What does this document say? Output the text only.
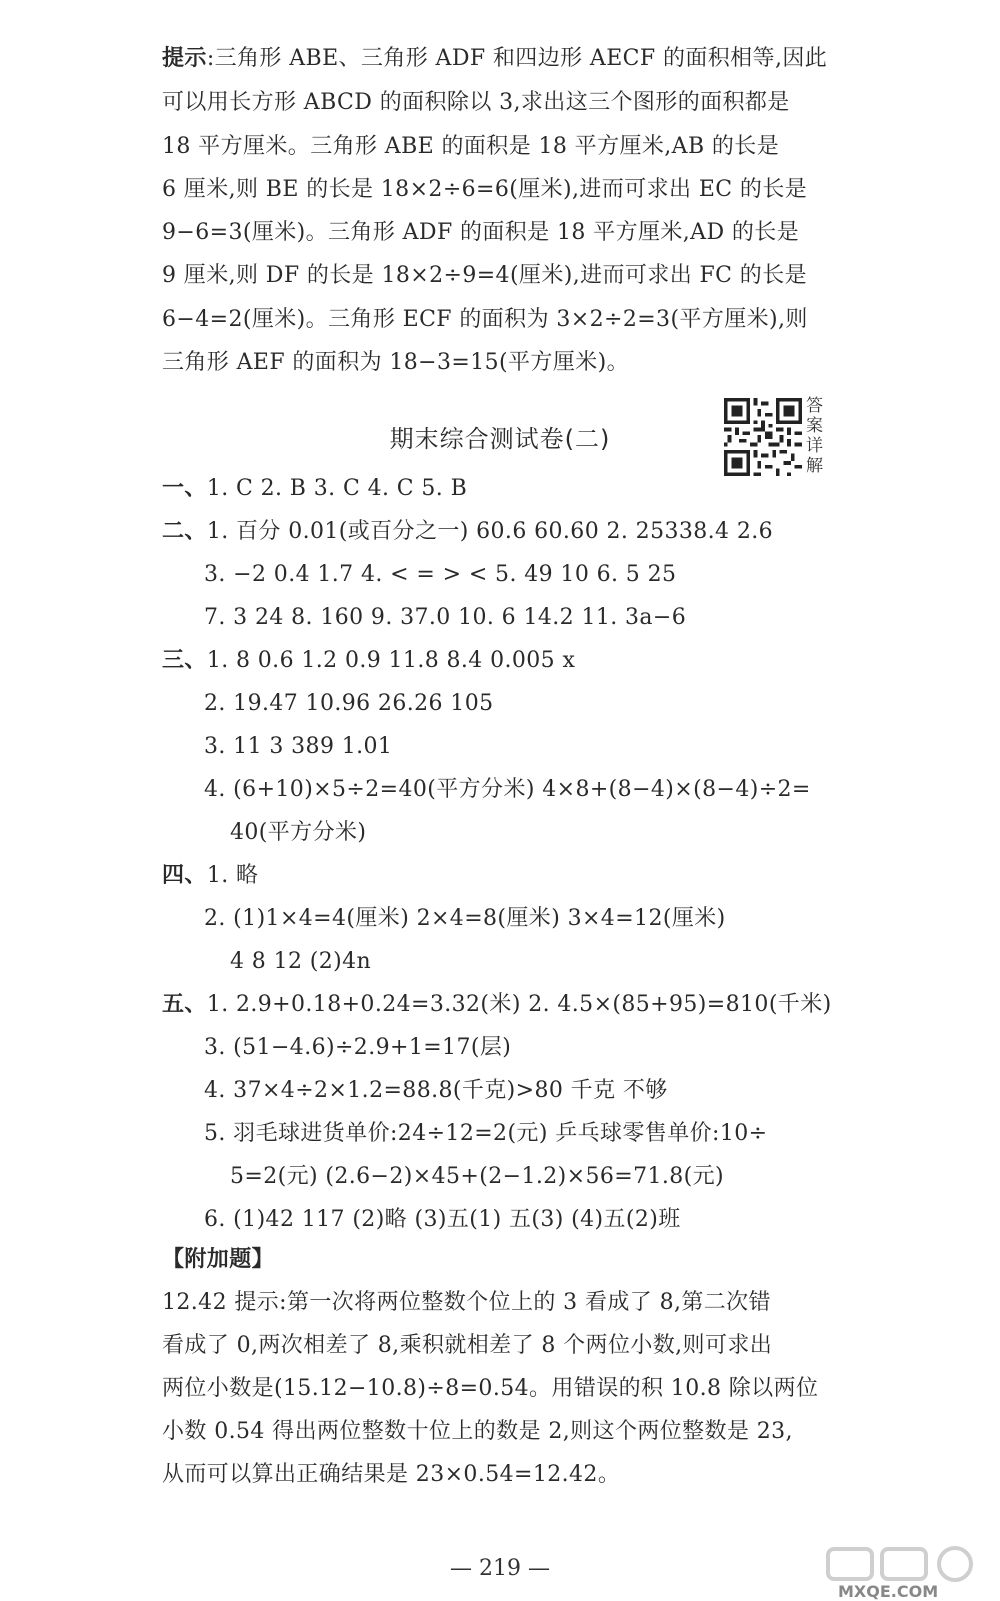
提示:三角形 ABE、三角形 ADF 和四边形 AECF 的面积相等,因此
可以用长方形 ABCD 的面积除以 3,求出这三个图形的面积都是
18 平方厘米。三角形 ABE 的面积是 18 平方厘米,AB 的长是
6 厘米,则 BE 的长是 18×2÷6=6(厘米),进而可求出 EC 的长是
9−6=3(厘米)。三角形 ADF 的面积是 18 平方厘米,AD 的长是
9 厘米,则 DF 的长是 18×2÷9=4(厘米),进而可求出 FC 的长是
6−4=2(厘米)。三角形 ECF 的面积为 3×2÷2=3(平方厘米),则
三角形 AEF 的面积为 18−3=15(平方厘米)。
期末综合测试卷(二)
答
案
详
解
一、1. C 2. B 3. C 4. C 5. B
二、1. 百分 0.01(或百分之一) 60.6 60.60 2. 25338.4 2.6
3. −2 0.4 1.7 4. < = > < 5. 49 10 6. 5 25
7. 3 24 8. 160 9. 37.0 10. 6 14.2 11. 3a−6
三、1. 8 0.6 1.2 0.9 11.8 8.4 0.005 x
2. 19.47 10.96 26.26 105
3. 11 3 389 1.01
4. (6+10)×5÷2=40(平方分米) 4×8+(8−4)×(8−4)÷2=
40(平方分米)
四、1. 略
2. (1)1×4=4(厘米) 2×4=8(厘米) 3×4=12(厘米)
4 8 12 (2)4n
五、1. 2.9+0.18+0.24=3.32(米) 2. 4.5×(85+95)=810(千米)
3. (51−4.6)÷2.9+1=17(层)
4. 37×4÷2×1.2=88.8(千克)>80 千克 不够
5. 羽毛球进货单价:24÷12=2(元) 乒乓球零售单价:10÷
5=2(元) (2.6−2)×45+(2−1.2)×56=71.8(元)
6. (1)42 117 (2)略 (3)五(1) 五(3) (4)五(2)班
【附加题】
12.42 提示:第一次将两位整数个位上的 3 看成了 8,第二次错
看成了 0,两次相差了 8,乘积就相差了 8 个两位小数,则可求出
两位小数是(15.12−10.8)÷8=0.54。用错误的积 10.8 除以两位
小数 0.54 得出两位整数十位上的数是 2,则这个两位整数是 23,
从而可以算出正确结果是 23×0.54=12.42。
— 219 —
MXQE.COM
